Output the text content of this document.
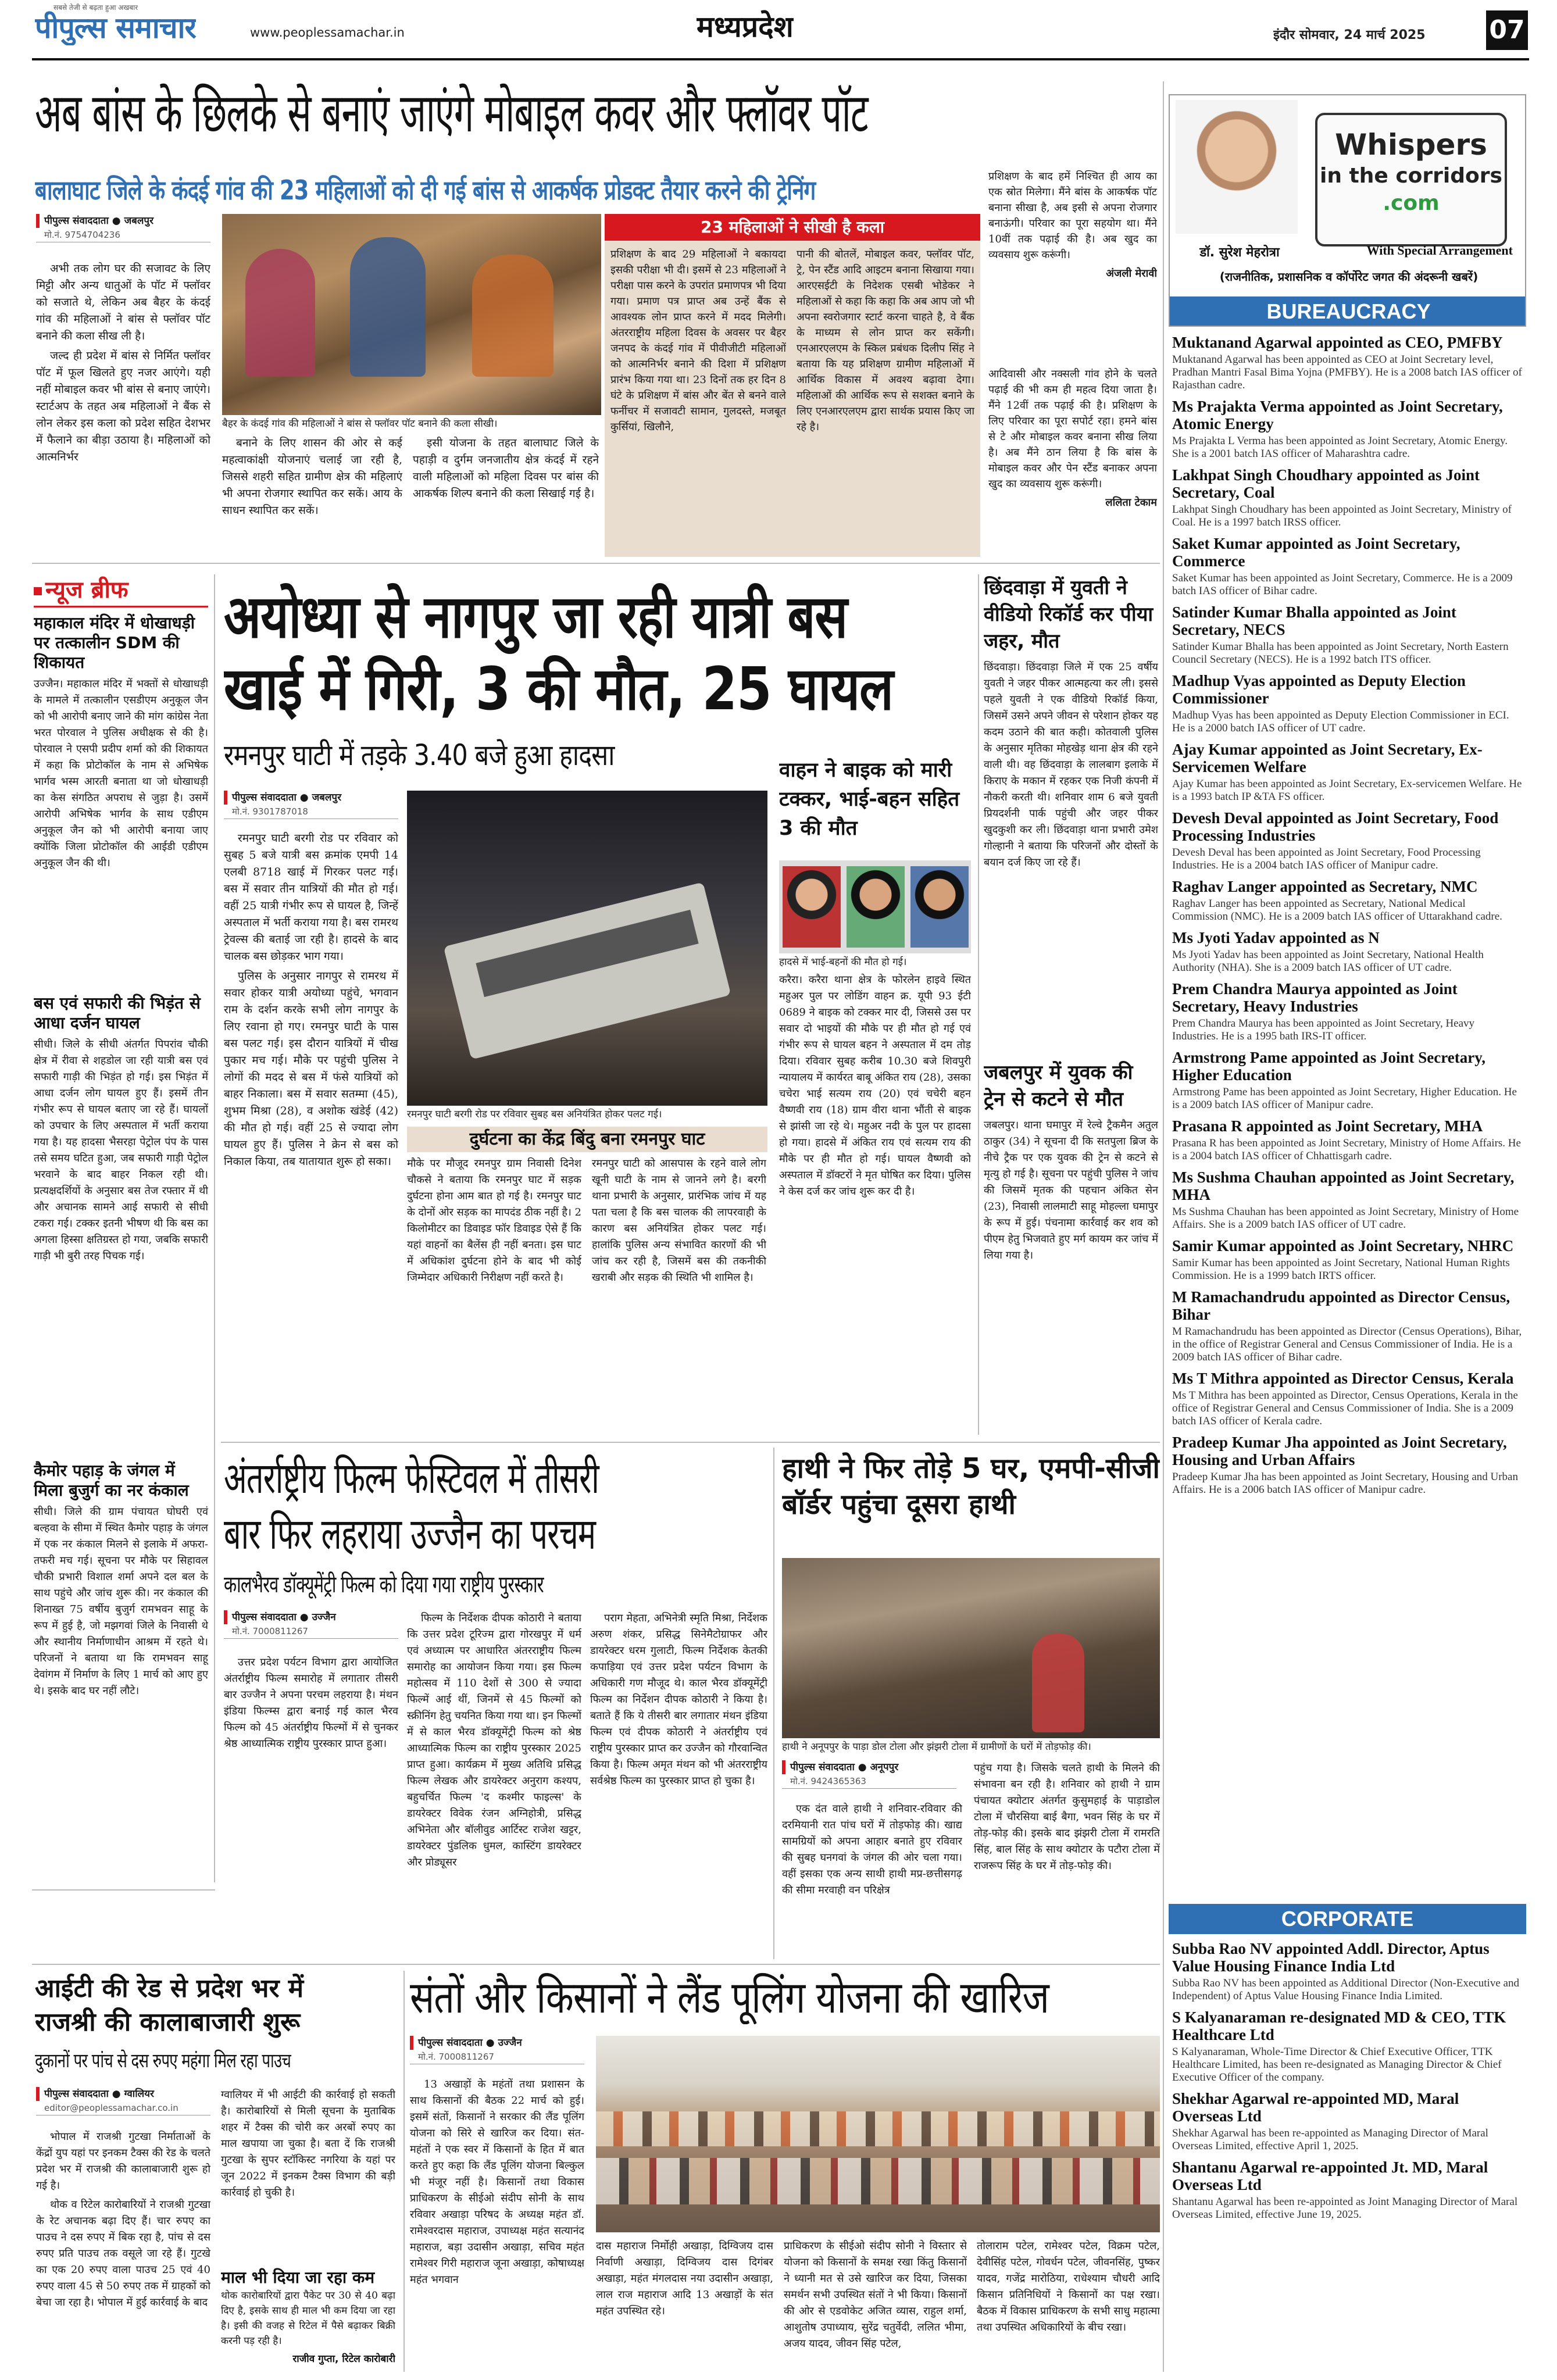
सबसे तेजी से बढ़ता हुआ अखबार
पीपुल्स समाचार	www.peoplessamachar.in	मध्यप्रदेश	इंदौर सोमवार, 24 मार्च 2025 07
अब बांस के छिलके से बनाएं जाएंगे मोबाइल कवर और फ्लॉवर पॉट
बालाघाट जिले के कंदई गांव की 23 महिलाओं को दी गई बांस से आकर्षक प्रोडक्ट तैयार करने की ट्रेनिंग
पीपुल्स संवाददाता ● जबलपुर
मो.नं. 9754704236

अभी तक लोग घर की सजावट के लिए मिट्टी और अन्य धातुओं के पॉट में फ्लॉवर को सजाते थे, लेकिन अब बैहर के कंदई गांव की महिलाओं ने बांस से फ्लॉवर पॉट बनाने की कला सीख ली है।

जल्द ही प्रदेश में बांस से निर्मित फ्लॉवर पॉट में फूल खिलते हुए नजर आएंगे। यही नहीं मोबाइल कवर भी बांस से बनाए जाएंगे। स्टार्टअप के तहत अब महिलाओं ने बैंक से लोन लेकर इस कला को प्रदेश सहित देशभर में फैलाने का बीड़ा उठाया है। महिलाओं को आत्मनिर्भर

बैहर के कंदई गांव की महिलाओं ने बांस से फ्लॉवर पॉट बनाने की कला सीखी।

बनाने के लिए शासन की ओर से कई महत्वाकांक्षी योजनाएं चलाई जा रही है, जिससे शहरी सहित ग्रामीण क्षेत्र की महिलाएं भी अपना रोजगार स्थापित कर सकें। आय के साधन स्थापित कर सकें।

इसी योजना के तहत बालाघाट जिले के पहाड़ी व दुर्गम जनजातीय क्षेत्र कंदई में रहने वाली महिलाओं को महिला दिवस पर बांस की आकर्षक शिल्प बनाने की कला सिखाई गई है।

23 महिलाओं ने सीखी है कला

प्रशिक्षण के बाद 29 महिलाओं ने बकायदा इसकी परीक्षा भी दी। इसमें से 23 महिलाओं ने परीक्षा पास करने के उपरांत प्रमाणपत्र भी दिया गया। प्रमाण पत्र प्राप्त अब उन्हें बैंक से आवश्यक लोन प्राप्त करने में मदद मिलेगी। अंतरराष्ट्रीय महिला दिवस के अवसर पर बैहर जनपद के कंदई गांव में पीवीजीटी महिलाओं को आत्मनिर्भर बनाने की दिशा में प्रशिक्षण प्रारंभ किया गया था। 23 दिनों तक हर दिन 8 घंटे के प्रशिक्षण में बांस और बेंत से बनने वाले फर्नीचर में सजावटी सामान, गुलदस्ते, मजबूत कुर्सियां, खिलौने,

पानी की बोतलें, मोबाइल कवर, फ्लॉवर पॉट, ट्रे, पेन स्टैंड आदि आइटम बनाना सिखाया गया। आरएसईटी के निदेशक एसबी भोडेकर ने महिलाओं से कहा कि कहा कि अब आप जो भी अपना स्वरोजगार स्टार्ट करना चाहते है, वे बैंक के माध्यम से लोन प्राप्त कर सकेंगी। एनआरएलएम के स्किल प्रबंधक दिलीप सिंह ने बताया कि यह प्रशिक्षण ग्रामीण महिलाओं में आर्थिक विकास में अवश्य बढ़ावा देगा। महिलाओं की आर्थिक रूप से सशक्त बनाने के लिए एनआरएलएम द्वारा सार्थक प्रयास किए जा रहे है।

प्रशिक्षण के बाद हमें निश्चित ही आय का एक स्रोत मिलेगा। मैंने बांस के आकर्षक पॉट बनाना सीखा है, अब इसी से अपना रोजगार बनाऊंगी। परिवार का पूरा सहयोग था। मैंने 10वीं तक पढ़ाई की है। अब खुद का व्यवसाय शुरू करूंगी।

अंजली मेरावी

आदिवासी और नक्सली गांव होने के चलते पढ़ाई की भी कम ही महत्व दिया जाता है। मैंने 12वीं तक पढ़ाई की है। प्रशिक्षण के लिए परिवार का पूरा सपोर्ट रहा। हमने बांस से टे और मोबाइल कवर बनाना सीख लिया है। अब मैंने ठान लिया है कि बांस के मोबाइल कवर और पेन स्टैंड बनाकर अपना खुद का व्यवसाय शुरू करूंगी।

ललिता टेकाम

Whispers
in the corridors
.com
डॉ. सुरेश मेहरोत्रा	With Special Arrangement
(राजनीतिक, प्रशासनिक व कॉर्पोरेट जगत की अंदरूनी खबरें)
BUREAUCRACY
Muktanand Agarwal appointed as CEO, PMFBY
Muktanand Agarwal has been appointed as CEO at Joint Secretary level, Pradhan Mantri Fasal Bima Yojna (PMFBY). He is a 2008 batch IAS officer of Rajasthan cadre.
Ms Prajakta Verma appointed as Joint Secretary, Atomic Energy
Ms Prajakta L Verma has been appointed as Joint Secretary, Atomic Energy. She is a 2001 batch IAS officer of Maharashtra cadre.
Lakhpat Singh Choudhary appointed as Joint Secretary, Coal
Lakhpat Singh Choudhary has been appointed as Joint Secretary, Ministry of Coal. He is a 1997 batch IRSS officer.
Saket Kumar appointed as Joint Secretary, Commerce
Saket Kumar has been appointed as Joint Secretary, Commerce. He is a 2009 batch IAS officer of Bihar cadre.
Satinder Kumar Bhalla appointed as Joint Secretary, NECS
Satinder Kumar Bhalla has been appointed as Joint Secretary, North Eastern Council Secretary (NECS). He is a 1992 batch ITS officer.
Madhup Vyas appointed as Deputy Election Commissioner
Madhup Vyas has been appointed as Deputy Election Commissioner in ECI. He is a 2000 batch IAS officer of UT cadre.
Ajay Kumar appointed as Joint Secretary, Ex-Servicemen Welfare
Ajay Kumar has been appointed as Joint Secretary, Ex-servicemen Welfare. He is a 1993 batch IP &TA FS officer.
Devesh Deval appointed as Joint Secretary, Food Processing Industries
Devesh Deval has been appointed as Joint Secretary, Food Processing Industries. He is a 2004 batch IAS officer of Manipur cadre.
Raghav Langer appointed as Secretary, NMC
Raghav Langer has been appointed as Secretary, National Medical Commission (NMC). He is a 2009 batch IAS officer of Uttarakhand cadre.
Ms Jyoti Yadav appointed as N
Ms Jyoti Yadav has been appointed as Joint Secretary, National Health Authority (NHA). She is a 2009 batch IAS officer of UT cadre.
Prem Chandra Maurya appointed as Joint Secretary, Heavy Industries
Prem Chandra Maurya has been appointed as Joint Secretary, Heavy Industries. He is a 1995 bath IRS-IT officer.
Armstrong Pame appointed as Joint Secretary, Higher Education
Armstrong Pame has been appointed as Joint Secretary, Higher Education. He is a 2009 batch IAS officer of Manipur cadre.
Prasana R appointed as Joint Secretary, MHA
Prasana R has been appointed as Joint Secretary, Ministry of Home Affairs. He is a 2004 batch IAS officer of Chhattisgarh cadre.
Ms Sushma Chauhan appointed as Joint Secretary, MHA
Ms Sushma Chauhan has been appointed as Joint Secretary, Ministry of Home Affairs. She is a 2009 batch IAS officer of UT cadre.
Samir Kumar appointed as Joint Secretary, NHRC
Samir Kumar has been appointed as Joint Secretary, National Human Rights Commission. He is a 1999 batch IRTS officer.
M Ramachandrudu appointed as Director Census, Bihar
M Ramachandrudu has been appointed as Director (Census Operations), Bihar, in the office of Registrar General and Census Commissioner of India. He is a 2009 batch IAS officer of Bihar cadre.
Ms T Mithra appointed as Director Census, Kerala
Ms T Mithra has been appointed as Director, Census Operations, Kerala in the office of Registrar General and Census Commissioner of India. She is a 2009 batch IAS officer of Kerala cadre.
Pradeep Kumar Jha appointed as Joint Secretary, Housing and Urban Affairs
Pradeep Kumar Jha has been appointed as Joint Secretary, Housing and Urban Affairs. He is a 2006 batch IAS officer of Manipur cadre.
CORPORATE
Subba Rao NV appointed Addl. Director, Aptus Value Housing Finance India Ltd
Subba Rao NV has been appointed as Additional Director (Non-Executive and Independent) of Aptus Value Housing Finance India Limited.
S Kalyanaraman re-designated MD & CEO, TTK Healthcare Ltd
S Kalyanaraman, Whole-Time Director & Chief Executive Officer, TTK Healthcare Limited, has been re-designated as Managing Director & Chief Executive Officer of the company.
Shekhar Agarwal re-appointed MD, Maral Overseas Ltd
Shekhar Agarwal has been re-appointed as Managing Director of Maral Overseas Limited, effective April 1, 2025.
Shantanu Agarwal re-appointed Jt. MD, Maral Overseas Ltd
Shantanu Agarwal has been re-appointed as Joint Managing Director of Maral Overseas Limited, effective June 19, 2025.
न्यूज ब्रीफ
महाकाल मंदिर में धोखाधड़ी पर तत्कालीन SDM की शिकायत

उज्जैन। महाकाल मंदिर में भक्तों से धोखाधड़ी के मामले में तत्कालीन एसडीएम अनुकूल जैन को भी आरोपी बनाए जाने की मांग कांग्रेस नेता भरत पोरवाल ने पुलिस अधीक्षक से की है। पोरवाल ने एसपी प्रदीप शर्मा को की शिकायत में कहा कि प्रोटोकॉल के नाम से अभिषेक भार्गव भस्म आरती बनाता था जो धोखाधड़ी का केस संगठित अपराध से जुड़ा है। उसमें आरोपी अभिषेक भार्गव के साथ एडीएम अनुकूल जैन को भी आरोपी बनाया जाए क्योंकि जिला प्रोटोकॉल की आईडी एडीएम अनुकूल जैन की थी।

बस एवं सफारी की भिड़ंत से आधा दर्जन घायल

सीधी। जिले के सीधी अंतर्गत पिपरांव चौकी क्षेत्र में रीवा से शहडोल जा रही यात्री बस एवं सफारी गाड़ी की भिड़ंत हो गई। इस भिड़ंत में आधा दर्जन लोग घायल हुए हैं। इसमें तीन गंभीर रूप से घायल बताए जा रहे हैं। घायलों को उपचार के लिए अस्पताल में भर्ती कराया गया है। यह हादसा भैसरहा पेट्रोल पंप के पास तसे समय घटित हुआ, जब सफारी गाड़ी पेट्रोल भरवाने के बाद बाहर निकल रही थी। प्रत्यक्षदर्शियों के अनुसार बस तेज रफ्तार में थी और अचानक सामने आई सफारी से सीधी टकरा गई। टक्कर इतनी भीषण थी कि बस का अगला हिस्सा क्षतिग्रस्त हो गया, जबकि सफारी गाड़ी भी बुरी तरह पिचक गई।

कैमोर पहाड़ के जंगल में मिला बुजुर्ग का नर कंकाल

सीधी। जिले की ग्राम पंचायत घोघरी एवं बल्हवा के सीमा में स्थित कैमोर पहाड़ के जंगल में एक नर कंकाल मिलने से इलाके में अफरा-तफरी मच गई। सूचना पर मौके पर सिहावल चौकी प्रभारी विशाल शर्मा अपने दल बल के साथ पहुंचे और जांच शुरू की। नर कंकाल की शिनाख्त 75 वर्षीय बुजुर्ग रामभवन साहू के रूप में हुई है, जो मझगवां जिले के निवासी थे और स्थानीय निर्माणाधीन आश्रम में रहते थे। परिजनों ने बताया था कि रामभवन साहू देवांगम में निर्माण के लिए 1 मार्च को आए हुए थे। इसके बाद घर नहीं लौटे।

अयोध्या से नागपुर जा रही यात्री बस
खाई में गिरी, 3 की मौत, 25 घायल
रमनपुर घाटी में तड़के 3.40 बजे हुआ हादसा
पीपुल्स संवाददाता ● जबलपुर
मो.नं. 9301787018

रमनपुर घाटी बरगी रोड पर रविवार को सुबह 5 बजे यात्री बस क्रमांक एमपी 14 एलबी 8718 खाई में गिरकर पलट गई। बस में सवार तीन यात्रियों की मौत हो गई। वहीं 25 यात्री गंभीर रूप से घायल है, जिन्हें अस्पताल में भर्ती कराया गया है। बस रामरथ ट्रेवल्स की बताई जा रही है। हादसे के बाद चालक बस छोड़कर भाग गया।

पुलिस के अनुसार नागपुर से रामरथ में सवार होकर यात्री अयोध्या पहुंचे, भगवान राम के दर्शन करके सभी लोग नागपुर के लिए रवाना हो गए। रमनपुर घाटी के पास बस पलट गई। इस दौरान यात्रियों में चीख पुकार मच गई। मौके पर पहुंची पुलिस ने लोगों की मदद से बस में फंसे यात्रियों को बाहर निकाला। बस में सवार सतम्मा (45), शुभम मिश्रा (28), व अशोक खंडेई (42) की मौत हो गई। वहीं 25 से ज्यादा लोग घायल हुए हैं। पुलिस ने क्रेन से बस को निकाल किया, तब यातायात शुरू हो सका।

रमनपुर घाटी बरगी रोड पर रविवार सुबह बस अनियंत्रित होकर पलट गई।
दुर्घटना का केंद्र बिंदु बना रमनपुर घाट

मौके पर मौजूद रमनपुर ग्राम निवासी दिनेश चौकसे ने बताया कि रमनपुर घाट में सड़क दुर्घटना होना आम बात हो गई है। रमनपुर घाट के दोनों ओर सड़क का मापदंड ठीक नहीं है। 2 किलोमीटर का डिवाइड फॉर डिवाइड ऐसे हैं कि यहां वाहनों का बैलेंस ही नहीं बनता। इस घाट में अधिकांश दुर्घटना होने के बाद भी कोई जिम्मेदार अधिकारी निरीक्षण नहीं करते है।

रमनपुर घाटी को आसपास के रहने वाले लोग खूनी घाटी के नाम से जानने लगे है। बरगी थाना प्रभारी के अनुसार, प्रारंभिक जांच में यह पता चला है कि बस चालक की लापरवाही के कारण बस अनियंत्रित होकर पलट गई। हालांकि पुलिस अन्य संभावित कारणों की भी जांच कर रही है, जिसमें बस की तकनीकी खराबी और सड़क की स्थिति भी शामिल है।

वाहन ने बाइक को मारी टक्कर, भाई-बहन सहित 3 की मौत
हादसे में भाई-बहनों की मौत हो गई।

करैरा। करैरा थाना क्षेत्र के फोरलेन हाइवे स्थित महुअर पुल पर लोडिंग वाहन क्र. यूपी 93 ईटी 0689 ने बाइक को टक्कर मार दी, जिससे उस पर सवार दो भाइयों की मौके पर ही मौत हो गई एवं गंभीर रूप से घायल बहन ने अस्पताल में दम तोड़ दिया। रविवार सुबह करीब 10.30 बजे शिवपुरी न्यायालय में कार्यरत बाबू अंकित राय (28), उसका चचेरा भाई सत्यम राय (20) एवं चचेरी बहन वैष्णवी राय (18) ग्राम वीरा थाना भौंती से बाइक से झांसी जा रहे थे। महुअर नदी के पुल पर हादसा हो गया। हादसे में अंकित राय एवं सत्यम राय की मौके पर ही मौत हो गई। घायल वैष्णवी को अस्पताल में डॉक्टरों ने मृत घोषित कर दिया। पुलिस ने केस दर्ज कर जांच शुरू कर दी है।

छिंदवाड़ा में युवती ने वीडियो रिकॉर्ड कर पीया जहर, मौत

छिंदवाड़ा। छिंदवाड़ा जिले में एक 25 वर्षीय युवती ने जहर पीकर आत्महत्या कर ली। इससे पहले युवती ने एक वीडियो रिकॉर्ड किया, जिसमें उसने अपने जीवन से परेशान होकर यह कदम उठाने की बात कही। कोतवाली पुलिस के अनुसार मृतिका मोहखेड़ थाना क्षेत्र की रहने वाली थी। वह छिंदवाड़ा के लालबाग इलाके में किराए के मकान में रहकर एक निजी कंपनी में नौकरी करती थी। शनिवार शाम 6 बजे युवती प्रियदर्शनी पार्क पहुंची और जहर पीकर खुदकुशी कर ली। छिंदवाड़ा थाना प्रभारी उमेश गोल्हानी ने बताया कि परिजनों और दोस्तों के बयान दर्ज किए जा रहे हैं।

जबलपुर में युवक की ट्रेन से कटने से मौत

जबलपुर। थाना घमापुर में रेल्वे ट्रैकमैन अतुल ठाकुर (34) ने सूचना दी कि सतपुला ब्रिज के नीचे ट्रैक पर एक युवक की ट्रेन से कटने से मृत्यु हो गई है। सूचना पर पहुंची पुलिस ने जांच की जिसमें मृतक की पहचान अंकित सेन (23), निवासी लालमाटी साहू मोहल्ला घमापुर के रूप में हुई। पंचनामा कार्रवाई कर शव को पीएम हेतु भिजवाते हुए मर्ग कायम कर जांच में लिया गया है।

अंतर्राष्ट्रीय फिल्म फेस्टिवल में तीसरी
बार फिर लहराया उज्जैन का परचम
कालभैरव डॉक्यूमेंट्री फिल्म को दिया गया राष्ट्रीय पुरस्कार
पीपुल्स संवाददाता ● उज्जैन
मो.नं. 7000811267

उत्तर प्रदेश पर्यटन विभाग द्वारा आयोजित अंतर्राष्ट्रीय फिल्म समारोह में लगातार तीसरी बार उज्जैन ने अपना परचम लहराया है। मंथन इंडिया फिल्म्स द्वारा बनाई गई काल भैरव फिल्म को 45 अंतर्राष्ट्रीय फिल्मों में से चुनकर श्रेष्ठ आध्यात्मिक राष्ट्रीय पुरस्कार प्राप्त हुआ।

फिल्म के निर्देशक दीपक कोठारी ने बताया कि उत्तर प्रदेश टूरिज्म द्वारा गोरखपुर में धर्म एवं अध्यात्म पर आधारित अंतरराष्ट्रीय फिल्म समारोह का आयोजन किया गया। इस फिल्म महोत्सव में 110 देशों से 300 से ज्यादा फिल्में आई थीं, जिनमें से 45 फिल्मों को स्क्रीनिंग हेतु चयनित किया गया था। इन फिल्मों में से काल भैरव डॉक्यूमेंट्री फिल्म को श्रेष्ठ आध्यात्मिक फिल्म का राष्ट्रीय पुरस्कार 2025 प्राप्त हुआ। कार्यक्रम में मुख्य अतिथि प्रसिद्ध फिल्म लेखक और डायरेक्टर अनुराग कश्यप, बहुचर्चित फिल्म 'द कश्मीर फाइल्स' के डायरेक्टर विवेक रंजन अग्निहोत्री, प्रसिद्ध अभिनेता और बॉलीवुड आर्टिस्ट राजेश खट्टर, डायरेक्टर पुंडलिक धुमल, कास्टिंग डायरेक्टर और प्रोड्यूसर

पराग मेहता, अभिनेत्री स्मृति मिश्रा, निर्देशक अरुण शंकर, प्रसिद्ध सिनेमैटोग्राफर और डायरेक्टर धरम गुलाटी, फिल्म निर्देशक केतकी कपाड़िया एवं उत्तर प्रदेश पर्यटन विभाग के अधिकारी गण मौजूद थे। काल भैरव डॉक्यूमेंट्री फिल्म का निर्देशन दीपक कोठारी ने किया है। बताते हैं कि ये तीसरी बार लगातार मंथन इंडिया फिल्म एवं दीपक कोठारी ने अंतर्राष्ट्रीय एवं राष्ट्रीय पुरस्कार प्राप्त कर उज्जैन को गौरवान्वित किया है। फिल्म अमृत मंथन को भी अंतरराष्ट्रीय सर्वश्रेष्ठ फिल्म का पुरस्कार प्राप्त हो चुका है।

हाथी ने फिर तोड़े 5 घर, एमपी-सीजी बॉर्डर पहुंचा दूसरा हाथी
हाथी ने अनूपपुर के पाड़ा डोल टोला और झंझरी टोला में ग्रामीणों के घरों में तोड़फोड़ की।
पीपुल्स संवाददाता ● अनूपपुर
मो.नं. 9424365363

एक दंत वाले हाथी ने शनिवार-रविवार की दरमियानी रात पांच घरों में तोड़फोड़ की। खाद्य सामग्रियों को अपना आहार बनाते हुए रविवार की सुबह घनगवां के जंगल की ओर चला गया। वहीं इसका एक अन्य साथी हाथी मप्र-छत्तीसगढ़ की सीमा मरवाही वन परिक्षेत्र

पहुंच गया है। जिसके चलते हाथी के मिलने की संभावना बन रही है। शनिवार को हाथी ने ग्राम पंचायत क्योटार अंतर्गत कुसुमहाई के पाड़ाडोल टोला में चौरसिया बाई बैगा, भवन सिंह के घर में तोड़-फोड़ की। इसके बाद झंझरी टोला में रामरति सिंह, बाल सिंह के साथ क्योटार के पटौरा टोला में राजरूप सिंह के घर में तोड़-फोड़ की।

आईटी की रेड से प्रदेश भर में
राजश्री की कालाबाजारी शुरू
दुकानों पर पांच से दस रुपए महंगा मिल रहा पाउच
पीपुल्स संवाददाता ● ग्वालियर
editor@peoplessamachar.co.in

भोपाल में राजश्री गुटखा निर्माताओं के केंद्रों युप यहां पर इनकम टैक्स की रेड के चलते प्रदेश भर में राजश्री की कालाबाजारी शुरू हो गई है।

थोक व रिटेल कारोबारियों ने राजश्री गुटखा के रेट अचानक बढ़ा दिए हैं। चार रुपए का पाउच ने दस रुपए में बिक रहा है, पांच से दस रुपए प्रति पाउच तक वसूले जा रहे हैं। गुटखे का एक 20 रुपए वाला पाउच 25 एवं 40 रुपए वाला 45 से 50 रुपए तक में ग्राहकों को बेचा जा रहा है। भोपाल में हुई कार्रवाई के बाद

ग्वालियर में भी आईटी की कार्रवाई हो सकती है। कारोबारियों से मिली सूचना के मुताबिक शहर में टैक्स की चोरी कर अरबों रुपए का माल खपाया जा चुका है। बता दें कि राजश्री गुटखा के सुपर स्टॉकिस्ट नगरिया के यहां पर जून 2022 में इनकम टैक्स विभाग की बड़ी कार्रवाई हो चुकी है।

माल भी दिया जा रहा कम

थोक कारोबारियों द्वारा पैकेट पर 30 से 40 बढ़ा दिए है, इसके साथ ही माल भी कम दिया जा रहा है। इसी की वजह से रिटेल में पैसे बढ़ाकर बिक्री करनी पड़ रही है।

राजीव गुप्ता, रिटेल कारोबारी
संतों और किसानों ने लैंड पूलिंग योजना की खारिज
पीपुल्स संवाददाता ● उज्जैन
मो.नं. 7000811267

13 अखाड़ों के महंतों तथा प्रशासन के साथ किसानों की बैठक 22 मार्च को हुई। इसमें संतों, किसानों ने सरकार की लैंड पूलिंग योजना को सिरे से खारिज कर दिया। संत-महंतों ने एक स्वर में किसानों के हित में बात करते हुए कहा कि लैंड पूलिंग योजना बिल्कुल भी मंजूर नहीं है। किसानों तथा विकास प्राधिकरण के सीईओ संदीप सोनी के साथ रविवार अखाड़ा परिषद के अध्यक्ष महंत डॉ. रामेश्वरदास महाराज, उपाध्यक्ष महंत सत्यानंद महाराज, बड़ा उदासीन अखाड़ा, सचिव महंत रामेश्वर गिरी महाराज जूना अखाड़ा, कोषाध्यक्ष महंत भगवान

दास महाराज निर्मोही अखाड़ा, दिग्विजय दास निर्वाणी अखाड़ा, दिग्विजय दास दिगंबर अखाड़ा, महंत मंगलदास नया उदासीन अखाड़ा, लाल राज महाराज आदि 13 अखाड़ों के संत महंत उपस्थित रहे।

प्राधिकरण के सीईओ संदीप सोनी ने विस्तार से योजना को किसानों के समक्ष रखा किंतु किसानों ने ध्यानी मत से उसे खारिज कर दिया, जिसका समर्थन सभी उपस्थित संतों ने भी किया। किसानों की ओर से एडवोकेट अजित व्यास, राहुल शर्मा, आशुतोष उपाध्याय, सुरेंद्र चतुर्वेदी, ललित भीमा, अजय यादव, जीवन सिंह पटेल,

तोलाराम पटेल, रामेश्वर पटेल, विक्रम पटेल, देवीसिंह पटेल, गोवर्धन पटेल, जीवनसिंह, पुष्कर यादव, गजेंद्र मारोठिया, राधेश्याम चौधरी आदि किसान प्रतिनिधियों ने किसानों का पक्ष रखा। बैठक में विकास प्राधिकरण के सभी साधु महात्मा तथा उपस्थित अधिकारियों के बीच रखा।
